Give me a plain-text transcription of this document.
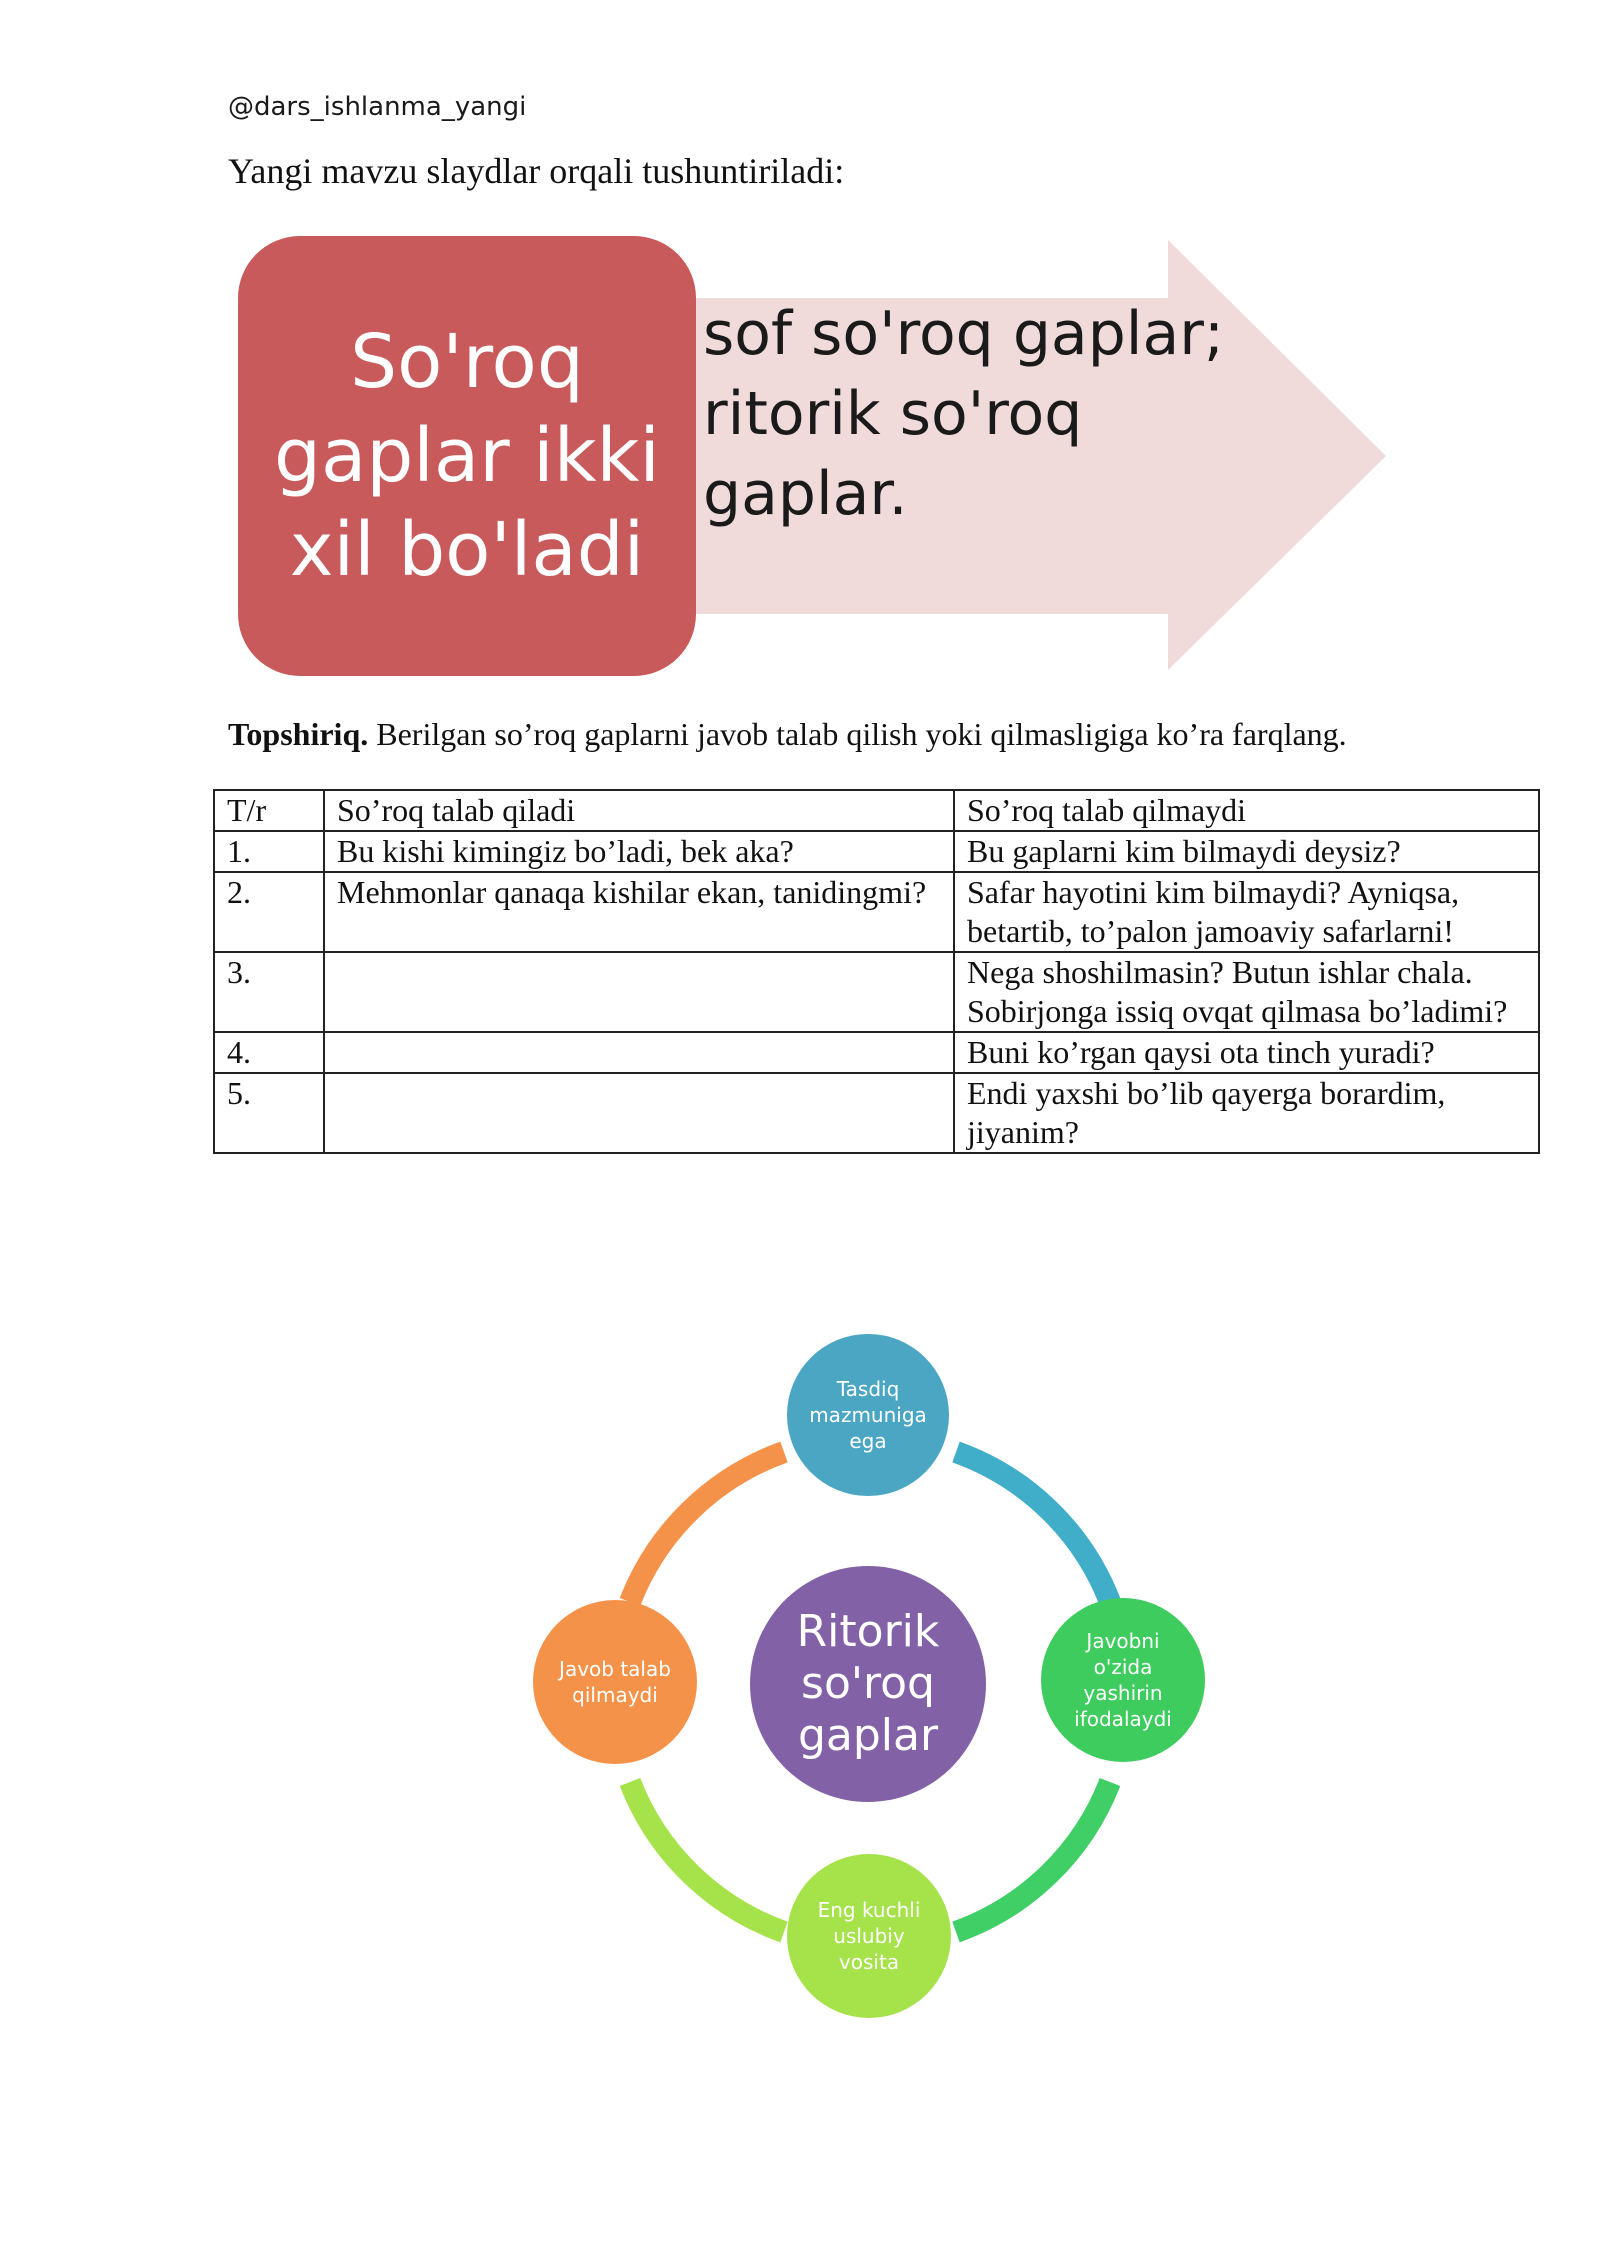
@dars_ishlanma_yangi
Yangi mavzu slaydlar orqali tushuntiriladi:
So'roq
gaplar ikki
xil bo'ladi
sof so'roq gaplar;
ritorik so'roq
gaplar.
Topshiriq. Berilgan so’roq gaplarni javob talab qilish yoki qilmasligiga ko’ra farqlang.
T/r	So’roq talab qiladi	So’roq talab qilmaydi
1.	Bu kishi kimingiz bo’ladi, bek aka?	Bu gaplarni kim bilmaydi deysiz?
2.	Mehmonlar qanaqa kishilar ekan, tanidingmi?	Safar hayotini kim bilmaydi? Ayniqsa, betartib, to’palon jamoaviy safarlarni!
3.		Nega shoshilmasin? Butun ishlar chala. Sobirjonga issiq ovqat qilmasa bo’ladimi?
4.		Buni ko’rgan qaysi ota tinch yuradi?
5.		Endi yaxshi bo’lib qayerga borardim, jiyanim?
Ritorik so'roq gaplar
Tasdiq mazmuniga ega
Javobni o'zida yashirin ifodalaydi
Eng kuchli uslubiy vosita
Javob talab qilmaydi
